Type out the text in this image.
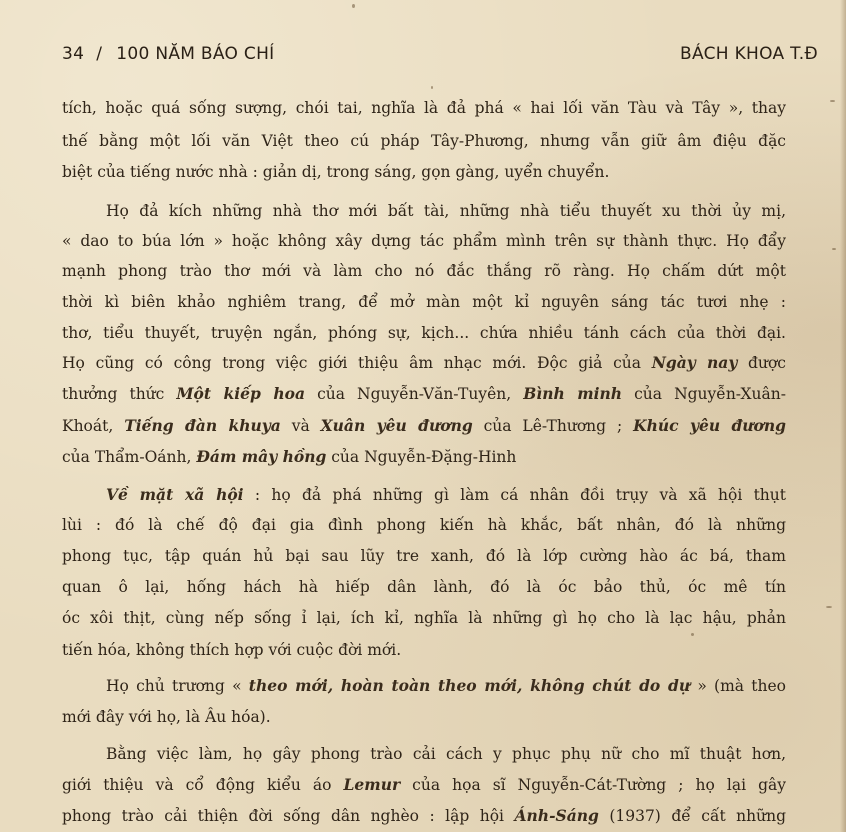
34 / 100 NĂM BÁO CHÍ	BÁCH KHOA T.Đ
tích, hoặc quá sống sượng, chói tai, nghĩa là đả phá « hai lối văn Tàu và Tây », thay
thế bằng một lối văn Việt theo cú pháp Tây-Phương, nhưng vẫn giữ âm điệu đặc
biệt của tiếng nước nhà : giản dị, trong sáng, gọn gàng, uyển chuyển.
Họ đả kích những nhà thơ mới bất tài, những nhà tiểu thuyết xu thời ủy mị,
« dao to búa lớn » hoặc không xây dựng tác phẩm mình trên sự thành thực. Họ đẩy
mạnh phong trào thơ mới và làm cho nó đắc thắng rõ ràng. Họ chấm dứt một
thời kì biên khảo nghiêm trang, để mở màn một kỉ nguyên sáng tác tươi nhẹ :
thơ, tiểu thuyết, truyện ngắn, phóng sự, kịch... chứa nhiều tánh cách của thời đại.
Họ cũng có công trong việc giới thiệu âm nhạc mới. Độc giả của Ngày nay được
thưởng thức Một kiếp hoa của Nguyễn-Văn-Tuyên, Bình minh của Nguyễn-Xuân-
Khoát, Tiếng đàn khuya và Xuân yêu đương của Lê-Thương ; Khúc yêu đương
của Thẩm-Oánh, Đám mây hồng của Nguyễn-Đặng-Hinh
Về mặt xã hội : họ đả phá những gì làm cá nhân đồi trụy và xã hội thụt
lùi : đó là chế độ đại gia đình phong kiến hà khắc, bất nhân, đó là những
phong tục, tập quán hủ bại sau lũy tre xanh, đó là lớp cường hào ác bá, tham
quan ô lại, hống hách hà hiếp dân lành, đó là óc bảo thủ, óc mê tín
óc xôi thịt, cùng nếp sống ỉ lại, ích kỉ, nghĩa là những gì họ cho là lạc hậu, phản
tiến hóa, không thích hợp với cuộc đời mới.
Họ chủ trương « theo mới, hoàn toàn theo mới, không chút do dự » (mà theo
mới đây với họ, là Âu hóa).
Bằng việc làm, họ gây phong trào cải cách y phục phụ nữ cho mĩ thuật hơn,
giới thiệu và cổ động kiểu áo Lemur của họa sĩ Nguyễn-Cát-Tường ; họ lại gây
phong trào cải thiện đời sống dân nghèo : lập hội Ánh-Sáng (1937) để cất những
